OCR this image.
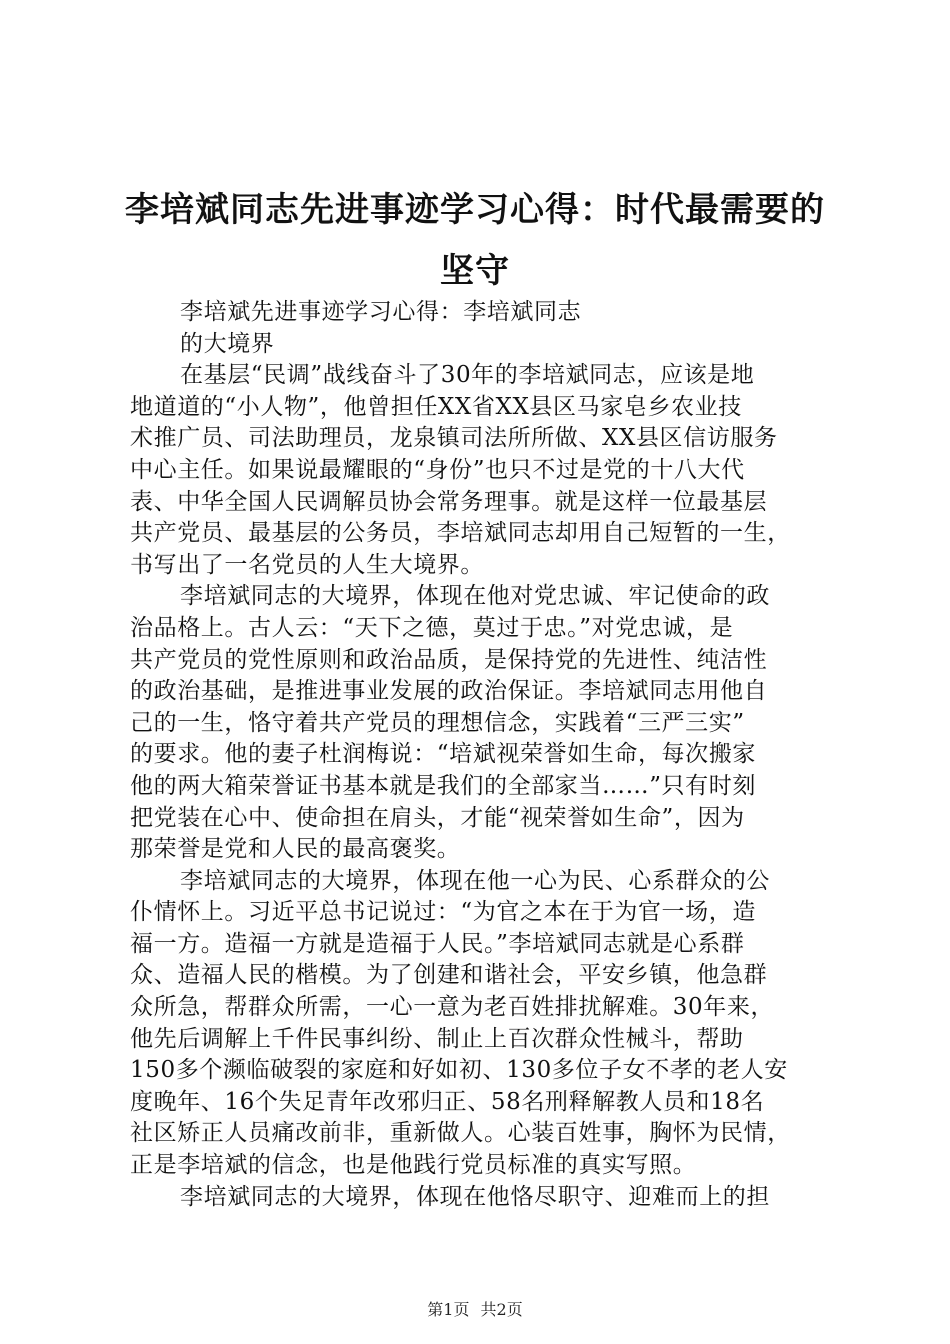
李培斌同志先进事迹学习心得：时代最需要的
坚守
李培斌先进事迹学习心得：李培斌同志
的大境界
在基层“民调”战线奋斗了30年的李培斌同志，应该是地
地道道的“小人物”，他曾担任XX省XX县区马家皂乡农业技
术推广员、司法助理员，龙泉镇司法所所做、XX县区信访服务
中心主任。如果说最耀眼的“身份”也只不过是党的十八大代
表、中华全国人民调解员协会常务理事。就是这样一位最基层
共产党员、最基层的公务员，李培斌同志却用自己短暂的一生，
书写出了一名党员的人生大境界。
李培斌同志的大境界，体现在他对党忠诚、牢记使命的政
治品格上。古人云：“天下之德，莫过于忠。”对党忠诚，是
共产党员的党性原则和政治品质，是保持党的先进性、纯洁性
的政治基础，是推进事业发展的政治保证。李培斌同志用他自
己的一生，恪守着共产党员的理想信念，实践着“三严三实”
的要求。他的妻子杜润梅说：“培斌视荣誉如生命，每次搬家
他的两大箱荣誉证书基本就是我们的全部家当……”只有时刻
把党装在心中、使命担在肩头，才能“视荣誉如生命”，因为
那荣誉是党和人民的最高褒奖。
李培斌同志的大境界，体现在他一心为民、心系群众的公
仆情怀上。习近平总书记说过：“为官之本在于为官一场，造
福一方。造福一方就是造福于人民。”李培斌同志就是心系群
众、造福人民的楷模。为了创建和谐社会，平安乡镇，他急群
众所急，帮群众所需，一心一意为老百姓排扰解难。30年来，
他先后调解上千件民事纠纷、制止上百次群众性械斗，帮助
150多个濒临破裂的家庭和好如初、130多位子女不孝的老人安
度晚年、16个失足青年改邪归正、58名刑释解教人员和18名
社区矫正人员痛改前非，重新做人。心装百姓事，胸怀为民情，
正是李培斌的信念，也是他践行党员标准的真实写照。
李培斌同志的大境界，体现在他恪尽职守、迎难而上的担
第1页 共2页
